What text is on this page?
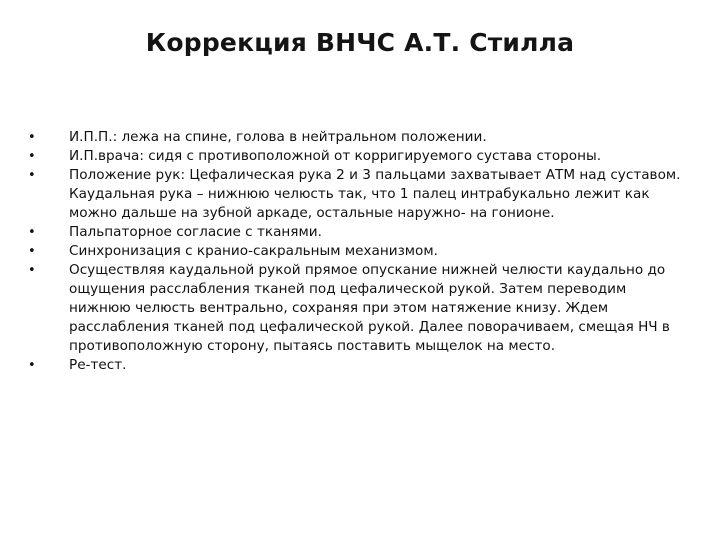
Коррекция ВНЧС А.Т. Стилла
•	И.П.П.: лежа на спине, голова в нейтральном положении.
•	И.П.врача: сидя с противоположной от корригируемого сустава стороны.
•	Положение рук: Цефалическая рука 2 и 3 пальцами захватывает АТМ над суставом. Каудальная рука – нижнюю челюсть так, что 1 палец интрабукально лежит как можно дальше на зубной аркаде, остальные наружно- на гонионе.
•	Пальпаторное согласие с тканями.
•	Синхронизация с кранио-сакральным механизмом.
•	Осуществляя каудальной рукой прямое опускание нижней челюсти каудально до ощущения расслабления тканей под цефалической рукой. Затем переводим нижнюю челюсть вентрально, сохраняя при этом натяжение книзу. Ждем расслабления тканей под цефалической рукой. Далее поворачиваем, смещая НЧ в противоположную сторону, пытаясь поставить мыщелок на место.
•	Ре-тест.
